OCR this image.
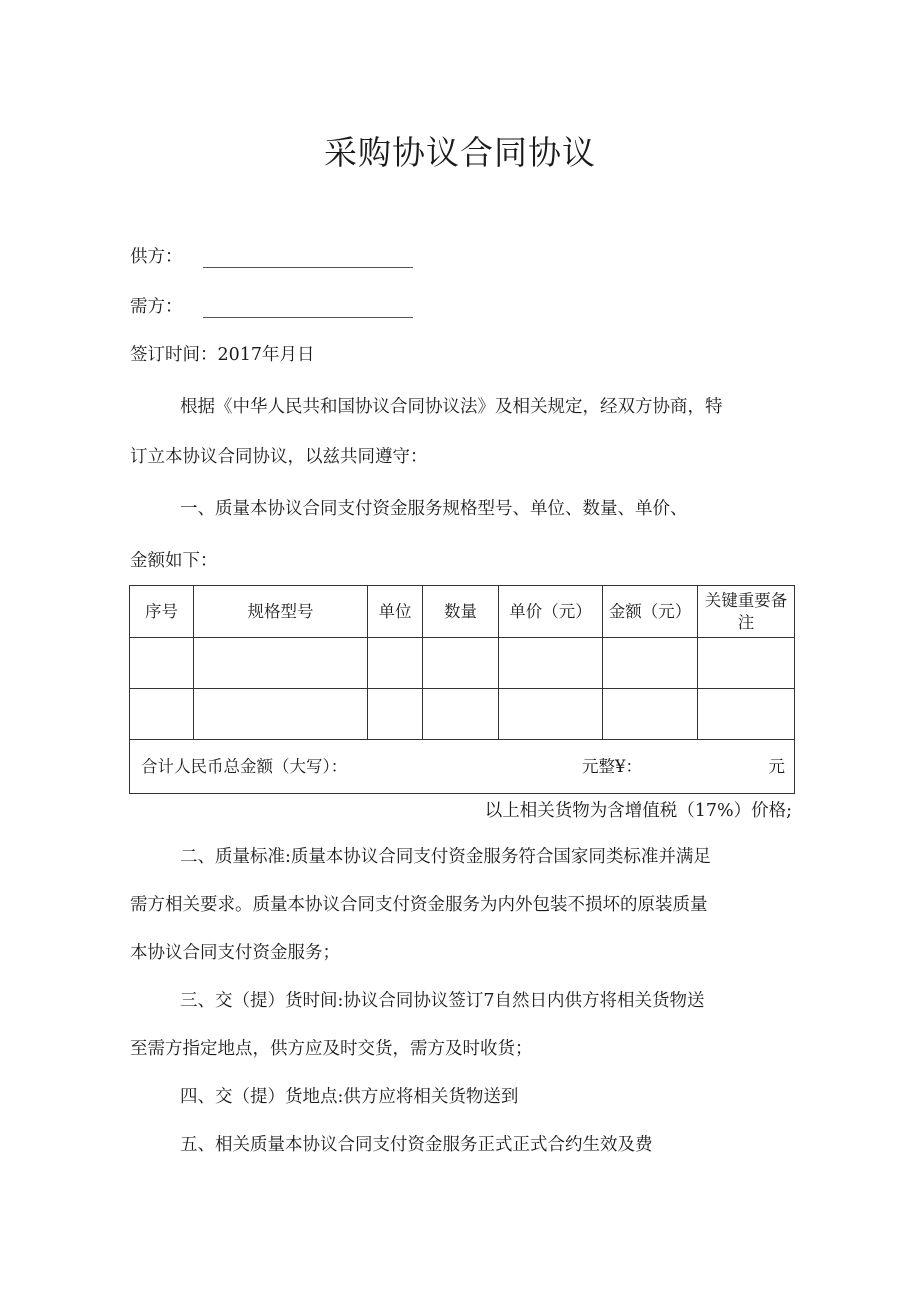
采购协议合同协议
供方：
需方：
签订时间：2017年月日
根据《中华人民共和国协议合同协议法》及相关规定，经双方协商，特
订立本协议合同协议，以兹共同遵守：
一、质量本协议合同支付资金服务规格型号、单位、数量、单价、
金额如下：
序号	规格型号	单位	数量	单价（元）	金额（元）	关键重要备
注

合计人民币总金额（大写）： 元整¥： 元						
以上相关货物为含增值税（17%）价格;
二、质量标准:质量本协议合同支付资金服务符合国家同类标准并满足
需方相关要求。质量本协议合同支付资金服务为内外包装不损坏的原装质量
本协议合同支付资金服务；
三、交（提）货时间:协议合同协议签订7自然日内供方将相关货物送
至需方指定地点，供方应及时交货，需方及时收货；
四、交（提）货地点:供方应将相关货物送到
五、相关质量本协议合同支付资金服务正式正式合约生效及费
